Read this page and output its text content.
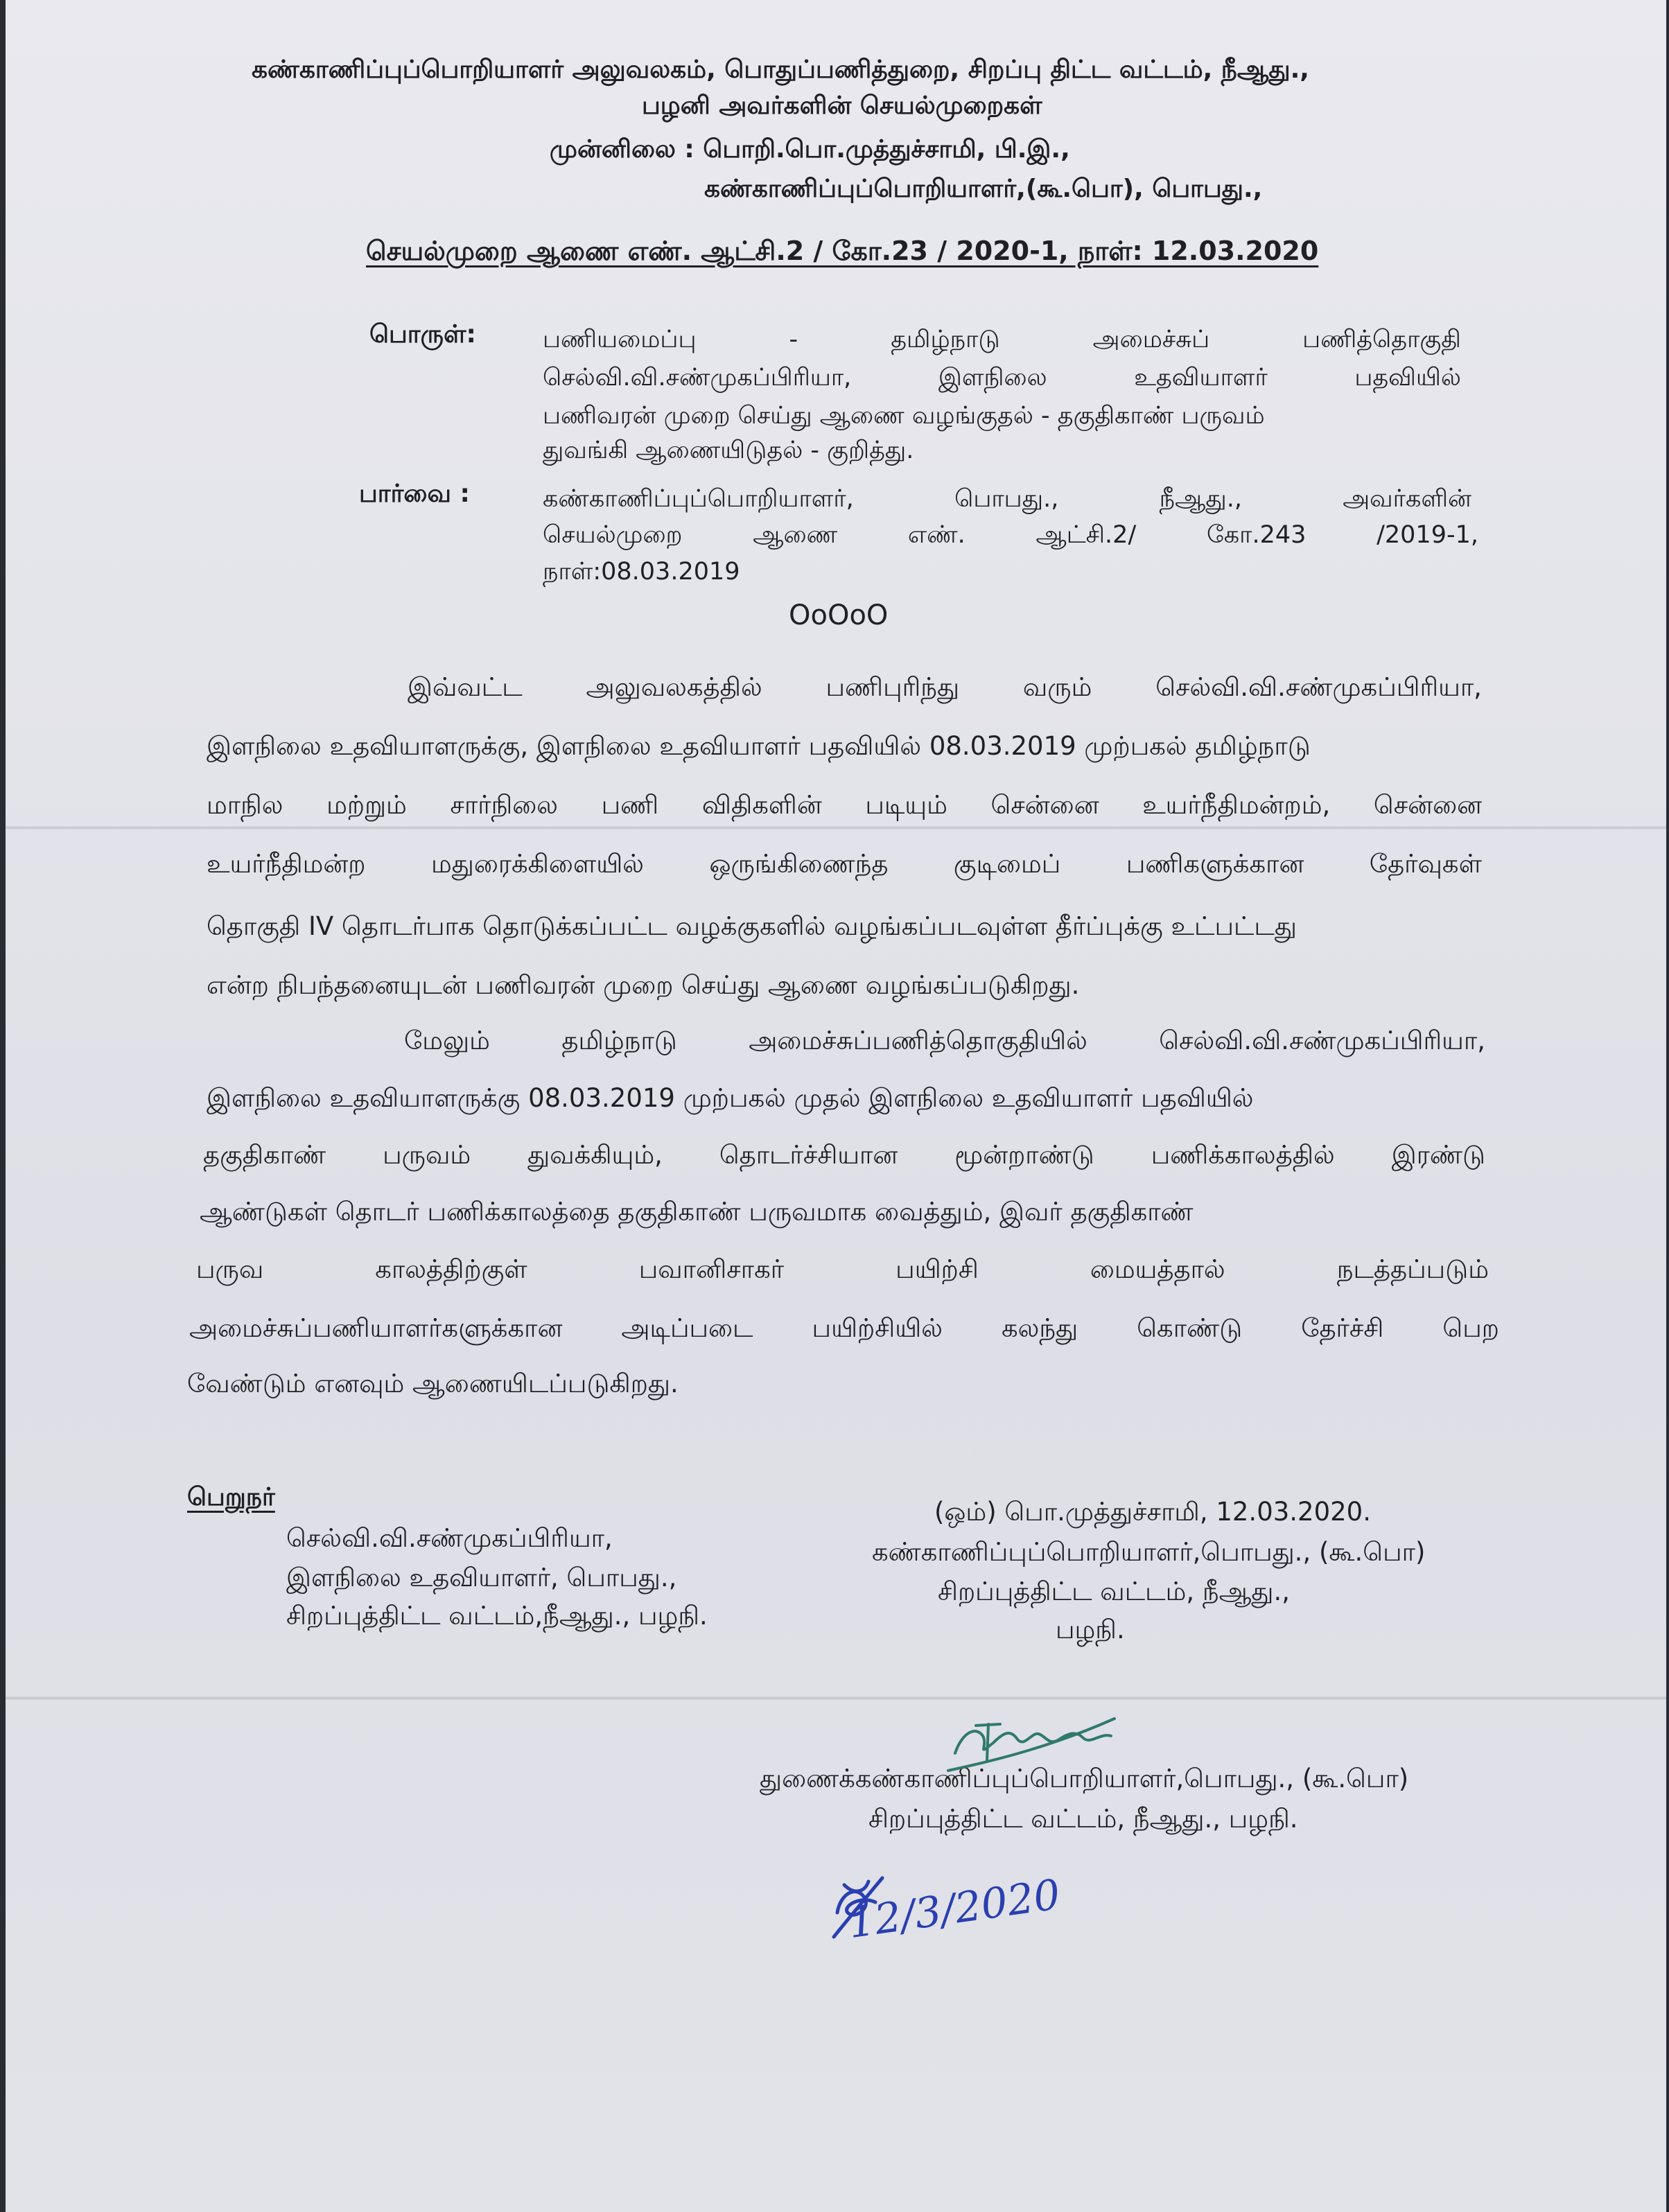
கண்காணிப்புப்பொறியாளர் அலுவலகம், பொதுப்பணித்துறை, சிறப்பு திட்ட வட்டம், நீஆது.,
பழனி அவர்களின் செயல்முறைகள்
முன்னிலை : பொறி.பொ.முத்துச்சாமி, பி.இ.,
கண்காணிப்புப்பொறியாளர்,(கூ.பொ), பொபது.,
செயல்முறை ஆணை எண். ஆட்சி.2 / கோ.23 / 2020-1, நாள்: 12.03.2020
பொருள்:	பணியமைப்பு	-	தமிழ்நாடு	அமைச்சுப்	பணித்தொகுதி
செல்வி.வி.சண்முகப்பிரியா,	இளநிலை	உதவியாளர்	பதவியில்
பணிவரன் முறை செய்து ஆணை வழங்குதல் - தகுதிகாண் பருவம்
துவங்கி ஆணையிடுதல் - குறித்து.
பார்வை :	கண்காணிப்புப்பொறியாளர்,	பொபது.,	நீஆது.,	அவர்களின்
செயல்முறை	ஆணை	எண்.	ஆட்சி.2/	கோ.243	/2019-1,
நாள்:08.03.2019
OoOoO
இவ்வட்ட அலுவலகத்தில் பணிபுரிந்து வரும் செல்வி.வி.சண்முகப்பிரியா,
இளநிலை உதவியாளருக்கு, இளநிலை உதவியாளர் பதவியில் 08.03.2019 முற்பகல் தமிழ்நாடு
மாநில மற்றும் சார்நிலை பணி விதிகளின் படியும் சென்னை உயர்நீதிமன்றம், சென்னை
உயர்நீதிமன்ற	மதுரைக்கிளையில்	ஒருங்கிணைந்த	குடிமைப்	பணிகளுக்கான	தேர்வுகள்
தொகுதி IV தொடர்பாக தொடுக்கப்பட்ட வழக்குகளில் வழங்கப்படவுள்ள தீர்ப்புக்கு உட்பட்டது
என்ற நிபந்தனையுடன் பணிவரன் முறை செய்து ஆணை வழங்கப்படுகிறது.
மேலும்	தமிழ்நாடு	அமைச்சுப்பணித்தொகுதியில்	செல்வி.வி.சண்முகப்பிரியா,
இளநிலை உதவியாளருக்கு 08.03.2019 முற்பகல் முதல் இளநிலை உதவியாளர் பதவியில்
தகுதிகாண் பருவம் துவக்கியும், தொடர்ச்சியான மூன்றாண்டு பணிக்காலத்தில் இரண்டு
ஆண்டுகள் தொடர் பணிக்காலத்தை தகுதிகாண் பருவமாக வைத்தும், இவர் தகுதிகாண்
பருவ	காலத்திற்குள்	பவானிசாகர்	பயிற்சி	மையத்தால்	நடத்தப்படும்
அமைச்சுப்பணியாளர்களுக்கான அடிப்படை பயிற்சியில் கலந்து கொண்டு தேர்ச்சி பெற
வேண்டும் எனவும் ஆணையிடப்படுகிறது.
பெறுநர்
செல்வி.வி.சண்முகப்பிரியா,
இளநிலை உதவியாளர், பொபது.,
சிறப்புத்திட்ட வட்டம்,நீஆது., பழநி.
(ஒம்) பொ.முத்துச்சாமி, 12.03.2020.
கண்காணிப்புப்பொறியாளர்,பொபது., (கூ.பொ)
சிறப்புத்திட்ட வட்டம், நீஆது.,
பழநி.
துணைக்கண்காணிப்புப்பொறியாளர்,பொபது., (கூ.பொ)
சிறப்புத்திட்ட வட்டம், நீஆது., பழநி.
12/3/2020
